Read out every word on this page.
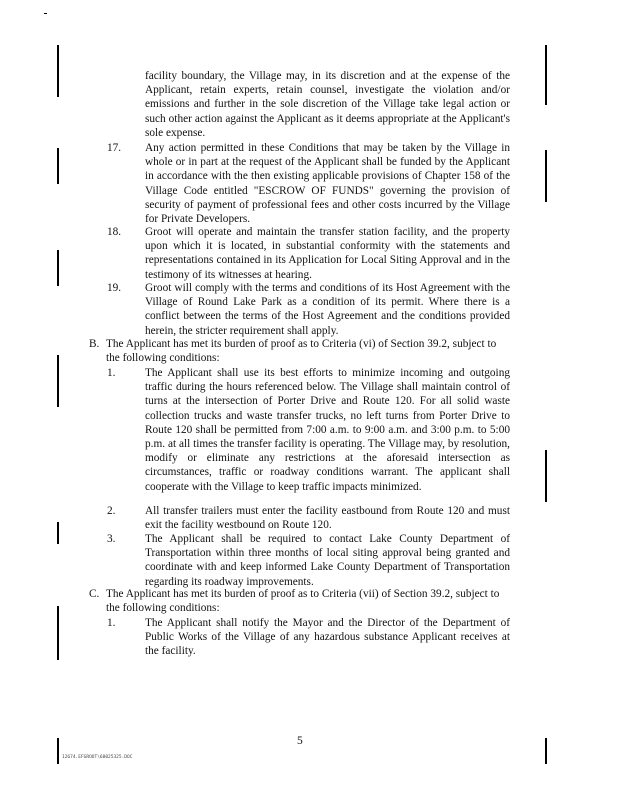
facility boundary, the Village may, in its discretion and at the expense of the Applicant, retain experts, retain counsel, investigate the violation and/or emissions and further in the sole discretion of the Village take legal action or such other action against the Applicant as it deems appropriate at the Applicant's sole expense.
17. Any action permitted in these Conditions that may be taken by the Village in whole or in part at the request of the Applicant shall be funded by the Applicant in accordance with the then existing applicable provisions of Chapter 158 of the Village Code entitled "ESCROW OF FUNDS" governing the provision of security of payment of professional fees and other costs incurred by the Village for Private Developers.
18. Groot will operate and maintain the transfer station facility, and the property upon which it is located, in substantial conformity with the statements and representations contained in its Application for Local Siting Approval and in the testimony of its witnesses at hearing.
19. Groot will comply with the terms and conditions of its Host Agreement with the Village of Round Lake Park as a condition of its permit. Where there is a conflict between the terms of the Host Agreement and the conditions provided herein, the stricter requirement shall apply.
B. The Applicant has met its burden of proof as to Criteria (vi) of Section 39.2, subject to
the following conditions:
1.	The Applicant shall use its best efforts to minimize incoming and outgoing traffic during the hours referenced below. The Village shall maintain control of turns at the intersection of Porter Drive and Route 120. For all solid waste collection trucks and waste transfer trucks, no left turns from Porter Drive to Route 120 shall be permitted from 7:00 a.m. to 9:00 a.m. and 3:00 p.m. to 5:00 p.m. at all times the transfer facility is operating. The Village may, by resolution, modify or eliminate any restrictions at the aforesaid intersection as circumstances, traffic or roadway conditions warrant. The applicant shall cooperate with the Village to keep traffic impacts minimized.
2.	All transfer trailers must enter the facility eastbound from Route 120 and must exit the facility westbound on Route 120.
3.	The Applicant shall be required to contact Lake County Department of Transportation within three months of local siting approval being granted and coordinate with and keep informed Lake County Department of Transportation regarding its roadway improvements.
C. The Applicant has met its burden of proof as to Criteria (vii) of Section 39.2, subject to
the following conditions:
1.	The Applicant shall notify the Mayor and the Director of the Department of Public Works of the Village of any hazardous substance Applicant receives at the facility.
5
12674.EFGROOT\60025325.DOC
